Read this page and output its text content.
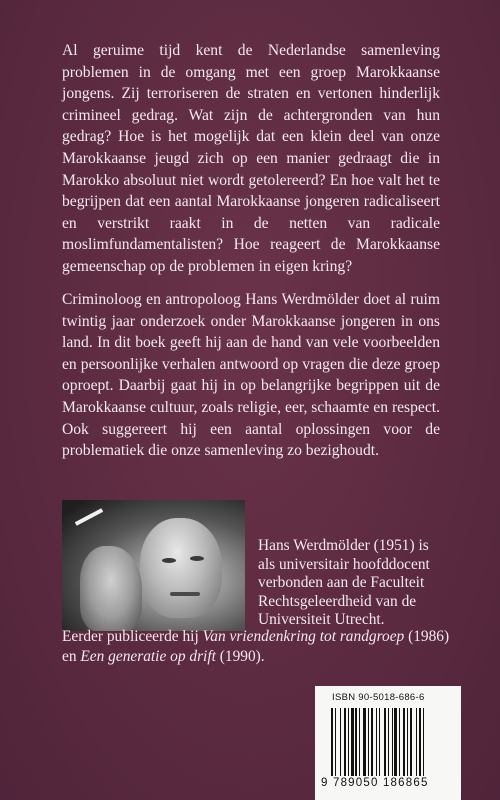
Al geruime tijd kent de Nederlandse samenleving problemen in de omgang met een groep Marokkaanse jongens. Zij terroriseren de straten en vertonen hinderlijk crimineel gedrag. Wat zijn de achtergronden van hun gedrag? Hoe is het mogelijk dat een klein deel van onze Marokkaanse jeugd zich op een manier gedraagt die in Marokko absoluut niet wordt getolereerd? En hoe valt het te begrijpen dat een aantal Marokkaanse jongeren radicaliseert en verstrikt raakt in de netten van radicale moslimfundamentalisten? Hoe reageert de Marokkaanse gemeenschap op de problemen in eigen kring?

Criminoloog en antropoloog Hans Werdmölder doet al ruim twintig jaar onderzoek onder Marokkaanse jongeren in ons land. In dit boek geeft hij aan de hand van vele voorbeelden en persoonlijke verhalen antwoord op vragen die deze groep oproept. Daarbij gaat hij in op belangrijke begrippen uit de Marokkaanse cultuur, zoals religie, eer, schaamte en respect. Ook suggereert hij een aantal oplossingen voor de problematiek die onze samenleving zo bezighoudt.

Hans Werdmölder (1951) is
als universitair hoofddocent
verbonden aan de Faculteit
Rechtsgeleerdheid van de
Universiteit Utrecht.

Eerder publiceerde hij Van vriendenkring tot randgroep (1986)
en Een generatie op drift (1990).

ISBN 90-5018-686-6
9 789050 186865
